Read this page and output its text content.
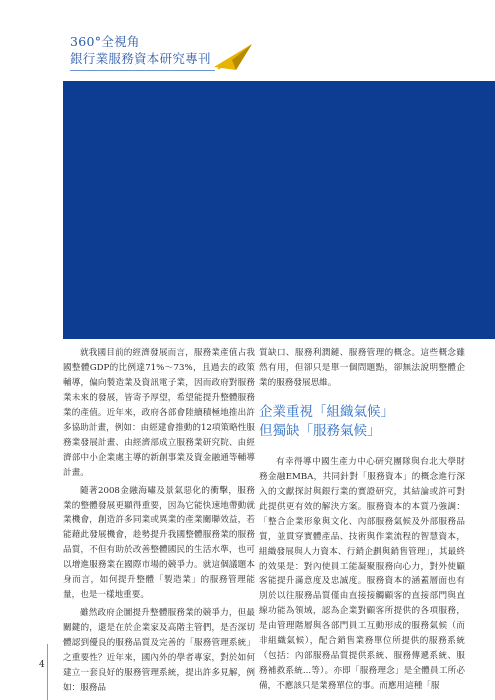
360°全視角
銀行業服務資本研究專刊

就我國目前的經濟發展而言，服務業產值占我國整體GDP的比例達71%～73%，且過去的政策輔導，偏向製造業及資訊電子業，因而政府對服務業未來的發展，皆寄予厚望，希望能提升整體服務業的產值。近年來，政府各部會陸續積極地推出許多協助計畫，例如：由經建會推動的12項策略性服務業發展計畫、由經濟部成立服務業研究院、由經濟部中小企業處主導的新創事業及資金融通等輔導計畫。

隨著2008金融海嘯及景氣惡化的衝擊，服務業的整體發展更顯得重要，因為它能快速地帶動就業機會，創造許多同業或異業的產業關聯效益，若能藉此發展機會，趁勢提升我國整體服務業的服務品質，不但有助於改善整體國民的生活水準，也可以增進服務業在國際市場的競爭力。就這個議題本身而言，如何提升整體「製造業」的服務管理能量，也是一樣地重要。

雖然政府企圖提升整體服務業的競爭力，但最關鍵的，還是在於企業家及高階主管們，是否深切體認到優良的服務品質及完善的「服務管理系統」之重要性？近年來，國內外的學者專家，對於如何建立一套良好的服務管理系統，提出許多見解，例如：服務品

質缺口、服務利潤鏈、服務管理的概念。這些概念雖然有用，但卻只是單一個問題點，卻無法說明整體企業的服務發展思維。

企業重視「組織氣候」
但獨缺「服務氣候」

有幸得導中國生產力中心研究團隊與台北大學財務金融EMBA，共同針對「服務資本」的概念進行深入的文獻探討與銀行業的實證研究，其結論或許可對此提供更有效的解決方案。服務資本的本質乃強調：「整合企業形象與文化、內部服務氣候及外部服務品質，並貫穿實體產品、技術與作業流程的智慧資本，組織發展與人力資本、行銷企劃與銷售管理」，其最終的效果是：對內使員工能凝聚服務向心力，對外使顧客能提升滿意度及忠誠度。服務資本的涵蓋層面也有別於以往服務品質僅由直接接觸顧客的直接部門與直線功能為領域，認為企業對顧客所提供的各項服務，是由管理階層與各部門員工互動形成的服務氣候（而非組織氣候），配合銷售業務單位所提供的服務系統（包括：內部服務品質提供系統、服務傳遞系統、服務補救系統...等）。亦即「服務理念」是全體員工所必備，不應該只是業務單位的事。而應用這種「服

4
